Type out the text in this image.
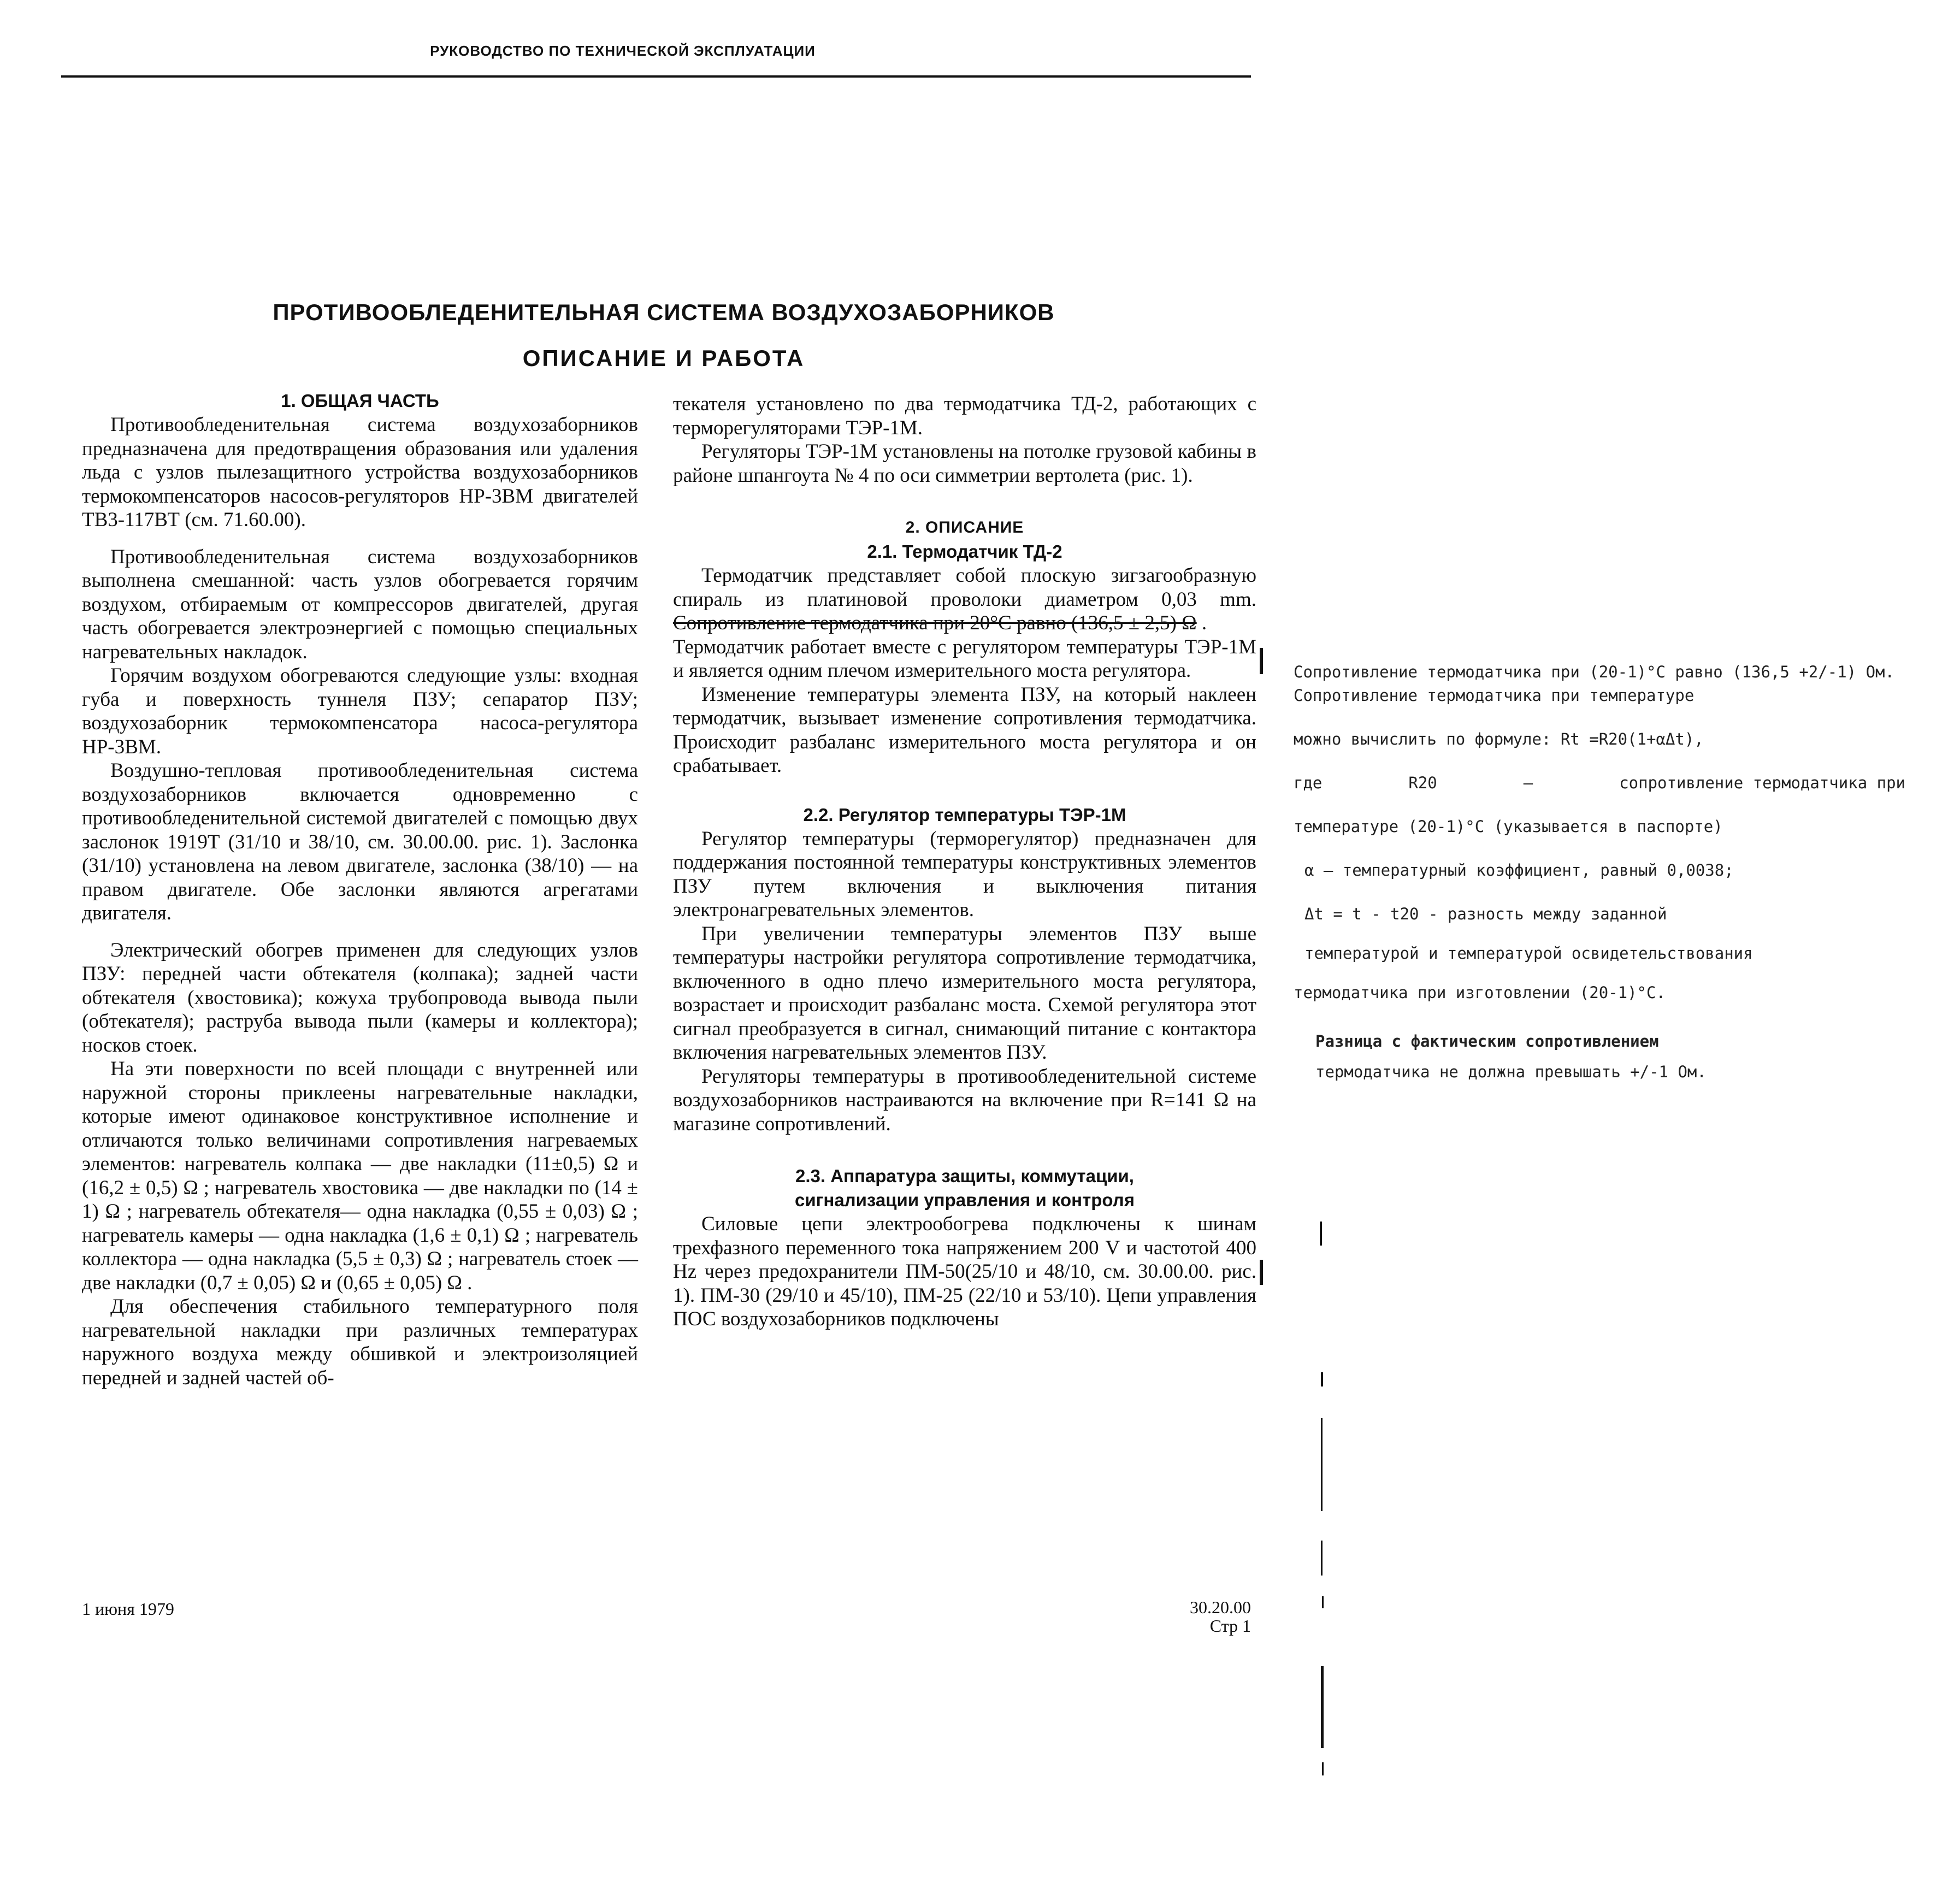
РУКОВОДСТВО ПО ТЕХНИЧЕСКОЙ ЭКСПЛУАТАЦИИ
ПРОТИВООБЛЕДЕНИТЕЛЬНАЯ СИСТЕМА ВОЗДУХОЗАБОРНИКОВ
ОПИСАНИЕ И РАБОТА
1. ОБЩАЯ ЧАСТЬ

Противообледенительная система воздухозаборников предназначена для предотвращения образования или удаления льда с узлов пылезащитного устройства воздухозаборников термокомпенсаторов насосов-регуляторов НР-3ВМ двигателей ТВ3-117ВТ (см. 71.60.00).

Противообледенительная система воздухозаборников выполнена смешанной: часть узлов обогревается горячим воздухом, отбираемым от компрессоров двигателей, другая часть обогревается электроэнергией с помощью специальных нагревательных накладок.

Горячим воздухом обогреваются следующие узлы: входная губа и поверхность туннеля ПЗУ; сепаратор ПЗУ; воздухозаборник термокомпенсатора насоса-регулятора НР-3ВМ.

Воздушно-тепловая противообледенительная система воздухозаборников включается одновременно с противообледенительной системой двигателей с помощью двух заслонок 1919Т (31/10 и 38/10, см. 30.00.00. рис. 1). Заслонка (31/10) установлена на левом двигателе, заслонка (38/10) — на правом двигателе. Обе заслонки являются агрегатами двигателя.

Электрический обогрев применен для следующих узлов ПЗУ: передней части обтекателя (колпака); задней части обтекателя (хвостовика); кожуха трубопровода вывода пыли (обтекателя); раструба вывода пыли (камеры и коллектора); носков стоек.

На эти поверхности по всей площади с внутренней или наружной стороны приклеены нагревательные накладки, которые имеют одинаковое конструктивное исполнение и отличаются только величинами сопротивления нагреваемых элементов: нагреватель колпака — две накладки (11±0,5) Ω и (16,2 ± 0,5) Ω ; нагреватель хвостовика — две накладки по (14 ± 1) Ω ; нагреватель обтекателя— одна накладка (0,55 ± 0,03) Ω ; нагреватель камеры — одна накладка (1,6 ± 0,1) Ω ; нагреватель коллектора — одна накладка (5,5 ± 0,3) Ω ; нагреватель стоек — две накладки (0,7 ± 0,05) Ω и (0,65 ± 0,05) Ω .

Для обеспечения стабильного температурного поля нагревательной накладки при различных температурах наружного воздуха между обшивкой и электроизоляцией передней и задней частей об-

текателя установлено по два термодатчика ТД-2, работающих с терморегуляторами ТЭР-1М.

Регуляторы ТЭР-1М установлены на потолке грузовой кабины в районе шпангоута № 4 по оси симметрии вертолета (рис. 1).

2. ОПИСАНИЕ
2.1. Термодатчик ТД-2

Термодатчик представляет собой плоскую зигзагообразную спираль из платиновой проволоки диаметром 0,03 mm. Сопротивление термодатчика при 20°С равно (136,5 ± 2,5) Ω .

Термодатчик работает вместе с регулятором температуры ТЭР-1М и является одним плечом измерительного моста регулятора.

Изменение температуры элемента ПЗУ, на который наклеен термодатчик, вызывает изменение сопротивления термодатчика. Происходит разбаланс измерительного моста регулятора и он срабатывает.

2.2. Регулятор температуры ТЭР-1М

Регулятор температуры (терморегулятор) предназначен для поддержания постоянной температуры конструктивных элементов ПЗУ путем включения и выключения питания электронагревательных элементов.

При увеличении температуры элементов ПЗУ выше температуры настройки регулятора сопротивление термодатчика, включенного в одно плечо измерительного моста регулятора, возрастает и происходит разбаланс моста. Схемой регулятора этот сигнал преобразуется в сигнал, снимающий питание с контактора включения нагревательных элементов ПЗУ.

Регуляторы температуры в противообледенительной системе воздухозаборников настраиваются на включение при R=141 Ω на магазине сопротивлений.

2.3. Аппаратура защиты, коммутации,
сигнализации управления и контроля

Силовые цепи электрообогрева подключены к шинам трехфазного переменного тока напряжением 200 V и частотой 400 Hz через предохранители ПМ-50(25/10 и 48/10, см. 30.00.00. рис. 1). ПМ-30 (29/10 и 45/10), ПМ-25 (22/10 и 53/10). Цепи управления ПОС воздухозаборников подключены

Сопротивление термодатчика при (20-1)°С равно (136,5 +2/-1) Ом.

Сопротивление термодатчика при температуре

можно вычислить по формуле: Rt =R20(1+αΔt),

где	R20	–	сопротивление термодатчика при

температуре (20-1)°С (указывается в паспорте)

α – температурный коэффициент, равный 0,0038;

Δt = t - t20 - разность между заданной

температурой и температурой освидетельствования

термодатчика при изготовлении (20-1)°С.

Разница с фактическим сопротивлением
термодатчика не должна превышать +/-1 Ом.

1 июня 1979	30.20.00
Стр 1
